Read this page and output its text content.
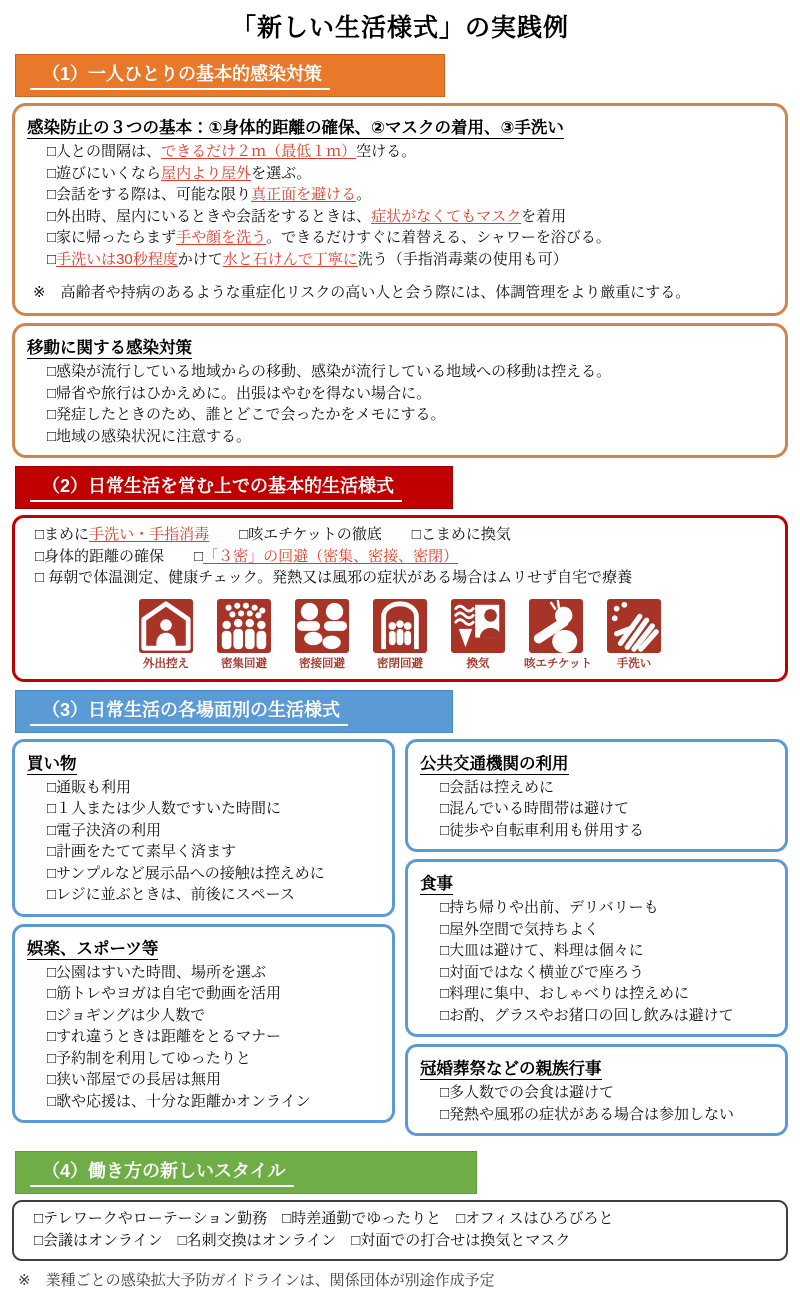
「新しい生活様式」の実践例
（1）一人ひとりの基本的感染対策
感染防止の３つの基本：①身体的距離の確保、②マスクの着用、③手洗い
□人との間隔は、できるだけ２ｍ（最低１ｍ）空ける。
□遊びにいくなら屋内より屋外を選ぶ。
□会話をする際は、可能な限り真正面を避ける。
□外出時、屋内にいるときや会話をするときは、症状がなくてもマスクを着用
□家に帰ったらまず手や顔を洗う。できるだけすぐに着替える、シャワーを浴びる。
□手洗いは30秒程度かけて水と石けんで丁寧に洗う（手指消毒薬の使用も可）
※　高齢者や持病のあるような重症化リスクの高い人と会う際には、体調管理をより厳重にする。
移動に関する感染対策
□感染が流行している地域からの移動、感染が流行している地域への移動は控える。
□帰省や旅行はひかえめに。出張はやむを得ない場合に。
□発症したときのため、誰とどこで会ったかをメモにする。
□地域の感染状況に注意する。
（2）日常生活を営む上での基本的生活様式
□まめに手洗い・手指消毒　　□咳エチケットの徹底　　□こまめに換気
□身体的距離の確保　　□「３密」の回避（密集、密接、密閉）
□ 毎朝で体温測定、健康チェック。発熱又は風邪の症状がある場合はムリせず自宅で療養
外出控え	密集回避	密接回避	密閉回避	換気	咳エチケット	手洗い
（3）日常生活の各場面別の生活様式
買い物
□通販も利用
□１人または少人数ですいた時間に
□電子決済の利用
□計画をたてて素早く済ます
□サンプルなど展示品への接触は控えめに
□レジに並ぶときは、前後にスペース
娯楽、スポーツ等
□公園はすいた時間、場所を選ぶ
□筋トレやヨガは自宅で動画を活用
□ジョギングは少人数で
□すれ違うときは距離をとるマナー
□予約制を利用してゆったりと
□狭い部屋での長居は無用
□歌や応援は、十分な距離かオンライン
公共交通機関の利用
□会話は控えめに
□混んでいる時間帯は避けて
□徒歩や自転車利用も併用する
食事
□持ち帰りや出前、デリバリーも
□屋外空間で気持ちよく
□大皿は避けて、料理は個々に
□対面ではなく横並びで座ろう
□料理に集中、おしゃべりは控えめに
□お酌、グラスやお猪口の回し飲みは避けて
冠婚葬祭などの親族行事
□多人数での会食は避けて
□発熱や風邪の症状がある場合は参加しない
（4）働き方の新しいスタイル
□テレワークやローテーション勤務　□時差通勤でゆったりと　□オフィスはひろびろと
□会議はオンライン　□名刺交換はオンライン　□対面での打合せは換気とマスク
※　業種ごとの感染拡大予防ガイドラインは、関係団体が別途作成予定
